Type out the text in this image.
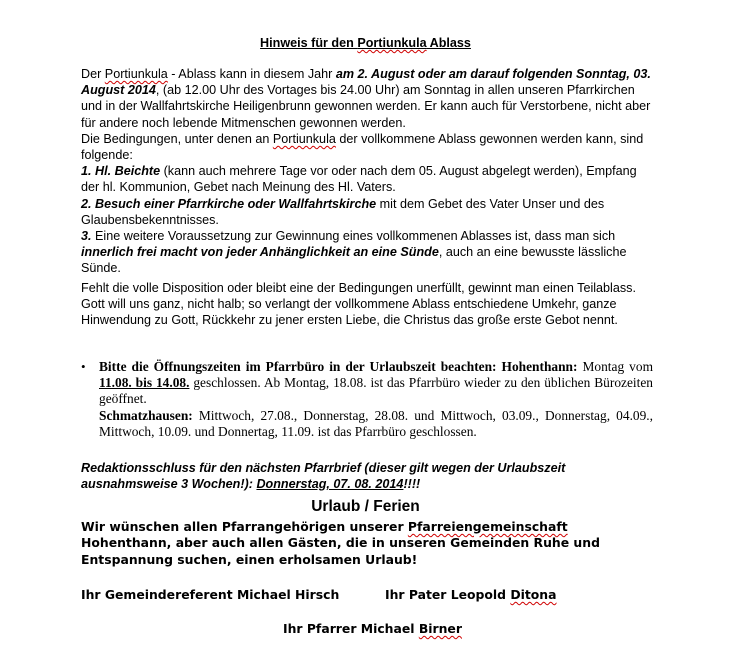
Hinweis für den Portiunkula Ablass

Der Portiunkula - Ablass kann in diesem Jahr am 2. August oder am darauf folgenden Sonntag, 03. August 2014, (ab 12.00 Uhr des Vortages bis 24.00 Uhr) am Sonntag in allen unseren Pfarrkirchen und in der Wallfahrtskirche Heiligenbrunn gewonnen werden. Er kann auch für Verstorbene, nicht aber für andere noch lebende Mitmenschen gewonnen werden.

Die Bedingungen, unter denen an Portiunkula der vollkommene Ablass gewonnen werden kann, sind folgende:

1. Hl. Beichte (kann auch mehrere Tage vor oder nach dem 05. August abgelegt werden), Empfang der hl. Kommunion, Gebet nach Meinung des Hl. Vaters.

2. Besuch einer Pfarrkirche oder Wallfahrtskirche mit dem Gebet des Vater Unser und des Glaubensbekenntnisses.

3. Eine weitere Voraussetzung zur Gewinnung eines vollkommenen Ablasses ist, dass man sich innerlich frei macht von jeder Anhänglichkeit an eine Sünde, auch an eine bewusste lässliche Sünde.

Fehlt die volle Disposition oder bleibt eine der Bedingungen unerfüllt, gewinnt man einen Teilablass. Gott will uns ganz, nicht halb; so verlangt der vollkommene Ablass entschiedene Umkehr, ganze Hinwendung zu Gott, Rückkehr zu jener ersten Liebe, die Christus das große erste Gebot nennt.
• Bitte die Öffnungszeiten im Pfarrbüro in der Urlaubszeit beachten: Hohenthann: Montag vom 11.08. bis 14.08. geschlossen. Ab Montag, 18.08. ist das Pfarrbüro wieder zu den üblichen Bürozeiten geöffnet.
Schmatzhausen: Mittwoch, 27.08., Donnerstag, 28.08. und Mittwoch, 03.09., Donnerstag, 04.09., Mittwoch, 10.09. und Donnertag, 11.09. ist das Pfarrbüro geschlossen.
Redaktionsschluss für den nächsten Pfarrbrief (dieser gilt wegen der Urlaubszeit ausnahmsweise 3 Wochen!): Donnerstag, 07. 08. 2014!!!!
Urlaub / Ferien
Wir wünschen allen Pfarrangehörigen unserer Pfarreiengemeinschaft Hohenthann, aber auch allen Gästen, die in unseren Gemeinden Ruhe und Entspannung suchen, einen erholsamen Urlaub!
Ihr Gemeindereferent Michael Hirsch	Ihr Pater Leopold Ditona
Ihr Pfarrer Michael Birner
